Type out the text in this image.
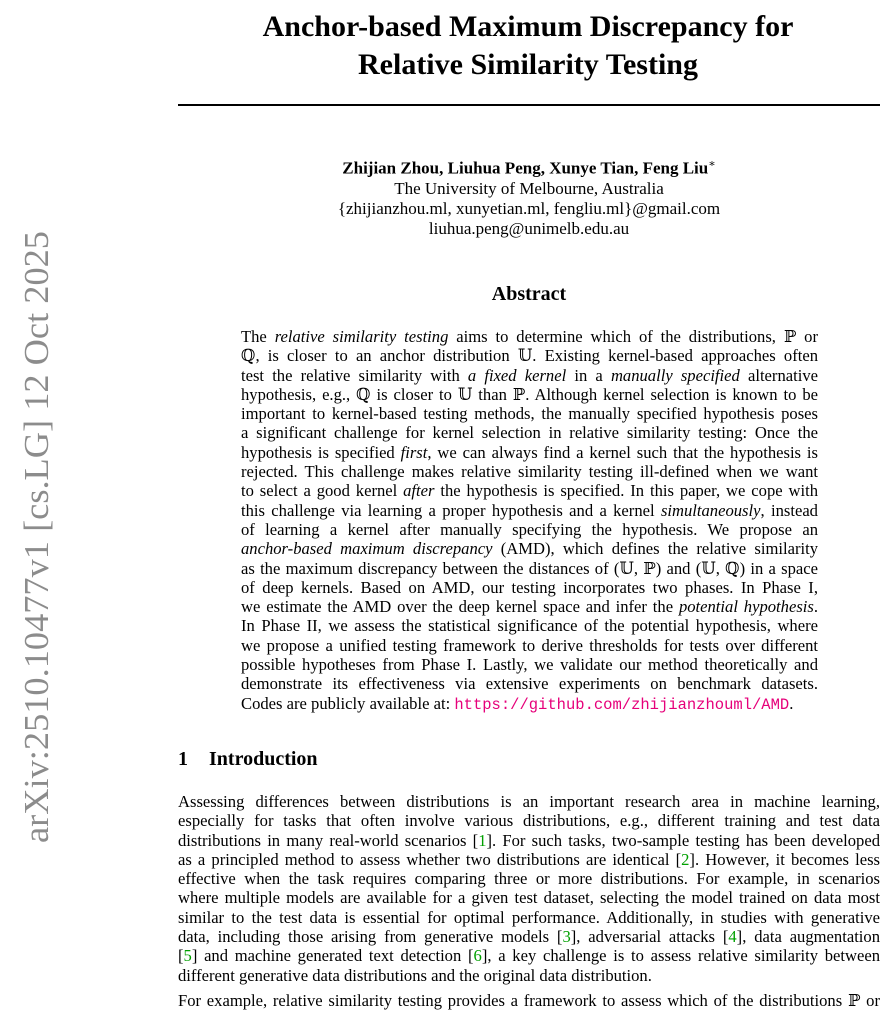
arXiv:2510.10477v1 [cs.LG] 12 Oct 2025
Anchor-based Maximum Discrepancy for
Relative Similarity Testing
Zhijian Zhou, Liuhua Peng, Xunye Tian, Feng Liu∗
The University of Melbourne, Australia
{zhijianzhou.ml, xunyetian.ml, fengliu.ml}@gmail.com
liuhua.peng@unimelb.edu.au
Abstract
The relative similarity testing aims to determine which of the distributions, ℙ or
ℚ, is closer to an anchor distribution 𝕌. Existing kernel-based approaches often
test the relative similarity with a fixed kernel in a manually specified alternative
hypothesis, e.g., ℚ is closer to 𝕌 than ℙ. Although kernel selection is known to be
important to kernel-based testing methods, the manually specified hypothesis poses
a significant challenge for kernel selection in relative similarity testing: Once the
hypothesis is specified first, we can always find a kernel such that the hypothesis is
rejected. This challenge makes relative similarity testing ill-defined when we want
to select a good kernel after the hypothesis is specified. In this paper, we cope with
this challenge via learning a proper hypothesis and a kernel simultaneously, instead
of learning a kernel after manually specifying the hypothesis. We propose an
anchor-based maximum discrepancy (AMD), which defines the relative similarity
as the maximum discrepancy between the distances of (𝕌, ℙ) and (𝕌, ℚ) in a space
of deep kernels. Based on AMD, our testing incorporates two phases. In Phase I,
we estimate the AMD over the deep kernel space and infer the potential hypothesis.
In Phase II, we assess the statistical significance of the potential hypothesis, where
we propose a unified testing framework to derive thresholds for tests over different
possible hypotheses from Phase I. Lastly, we validate our method theoretically and
demonstrate its effectiveness via extensive experiments on benchmark datasets.
Codes are publicly available at: https://github.com/zhijianzhouml/AMD.
1 Introduction
Assessing differences between distributions is an important research area in machine learning,
especially for tasks that often involve various distributions, e.g., different training and test data
distributions in many real-world scenarios [1]. For such tasks, two-sample testing has been developed
as a principled method to assess whether two distributions are identical [2]. However, it becomes less
effective when the task requires comparing three or more distributions. For example, in scenarios
where multiple models are available for a given test dataset, selecting the model trained on data most
similar to the test data is essential for optimal performance. Additionally, in studies with generative
data, including those arising from generative models [3], adversarial attacks [4], data augmentation
[5] and machine generated text detection [6], a key challenge is to assess relative similarity between
different generative data distributions and the original data distribution.
For example, relative similarity testing provides a framework to assess which of the distributions ℙ or
